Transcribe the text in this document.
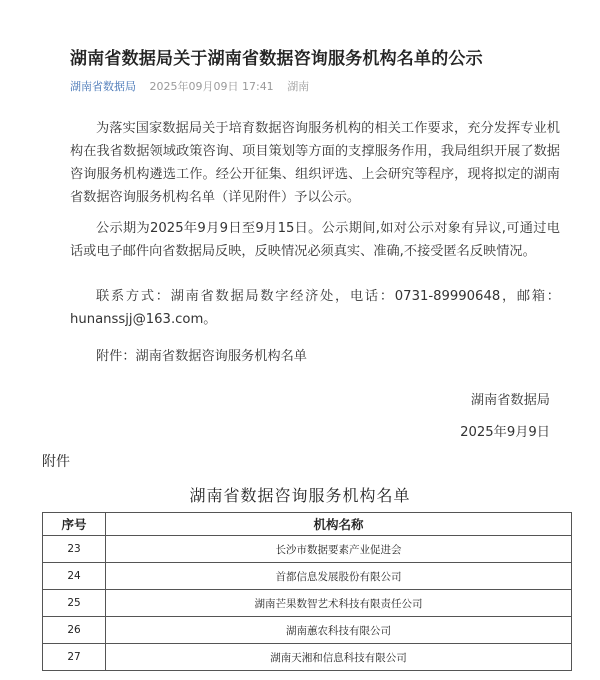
湖南省数据局关于湖南省数据咨询服务机构名单的公示
湖南省数据局 2025年09月09日 17:41 湖南
为落实国家数据局关于培育数据咨询服务机构的相关工作要求，充分发挥专业机构在我省数据领域政策咨询、项目策划等方面的支撑服务作用，我局组织开展了数据咨询服务机构遴选工作。经公开征集、组织评选、上会研究等程序，现将拟定的湖南省数据咨询服务机构名单（详见附件）予以公示。
公示期为2025年9月9日至9月15日。公示期间,如对公示对象有异议,可通过电话或电子邮件向省数据局反映，反映情况必须真实、准确,不接受匿名反映情况。
联系方式：湖南省数据局数字经济处，电话：0731-89990648，邮箱：hunanssjj@163.com。
附件：湖南省数据咨询服务机构名单
湖南省数据局
2025年9月9日
附件
湖南省数据咨询服务机构名单
序号	机构名称
23	长沙市数据要素产业促进会
24	首都信息发展股份有限公司
25	湖南芒果数智艺术科技有限责任公司
26	湖南蕙农科技有限公司
27	湖南天湘和信息科技有限公司
